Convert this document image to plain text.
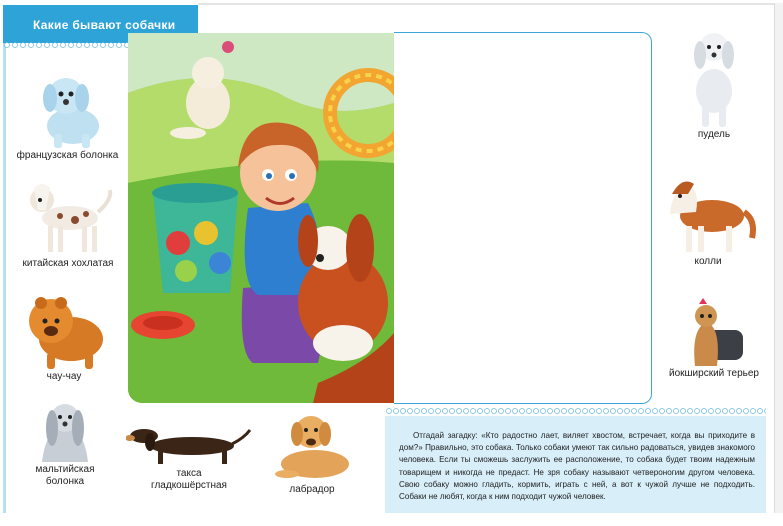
Какие бывают собачки
французская болонка
китайская хохлатая
чау-чау
мальтийская
болонка
такса
гладкошёрстная	лабрадор
пудель
колли
йокширский терьер

Отгадай загадку: «Кто радостно лает, виляет хвостом, встречает, когда вы приходите в дом?» Правильно, это собака. Только собаки умеют так сильно радоваться, увидев знакомого человека. Если ты сможешь заслужить ее расположение, то собака будет твоим надежным товарищем и никогда не предаст. Не зря собаку называют четвероногим другом человека. Свою собаку можно гладить, кормить, играть с ней, а вот к чужой лучше не подходить. Собаки не любят, когда к ним подходит чужой человек.
